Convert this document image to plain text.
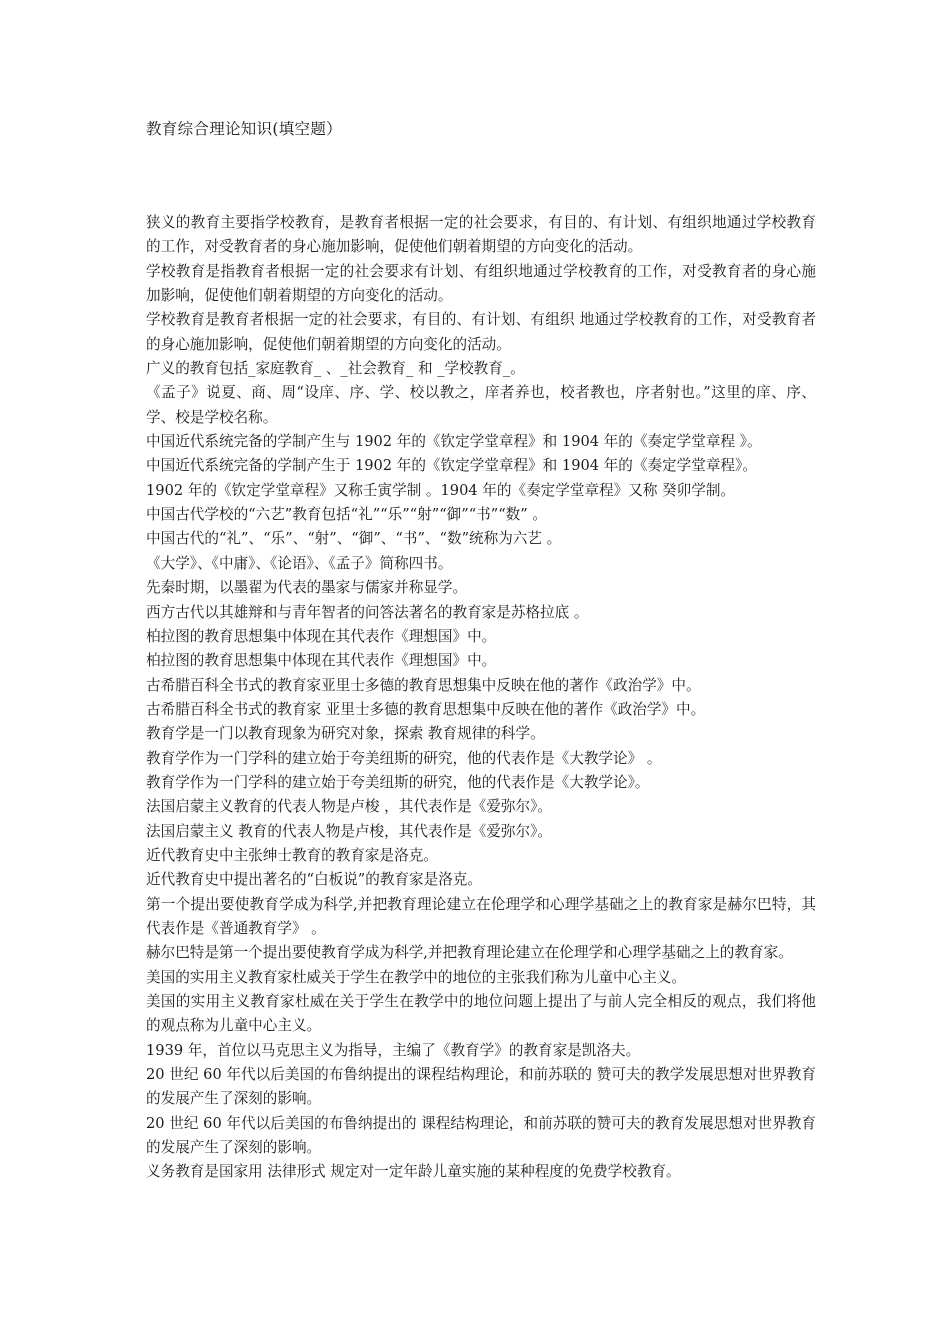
教育综合理论知识(填空题）

狭义的教育主要指学校教育，是教育者根据一定的社会要求，有目的、有计划、有组织地通过学校教育的工作，对受教育者的身心施加影响，促使他们朝着期望的方向变化的活动。

学校教育是指教育者根据一定的社会要求有计划、有组织地通过学校教育的工作，对受教育者的身心施加影响，促使他们朝着期望的方向变化的活动。

学校教育是教育者根据一定的社会要求，有目的、有计划、有组织 地通过学校教育的工作，对受教育者的身心施加影响，促使他们朝着期望的方向变化的活动。

广义的教育包括_家庭教育_ 、_社会教育_ 和 _学校教育_。

《孟子》说夏、商、周“设庠、序、学、校以教之，庠者养也，校者教也，序者射也。”这里的庠、序、学、校是学校名称。

中国近代系统完备的学制产生与 1902 年的《钦定学堂章程》和 1904 年的《奏定学堂章程 》。

中国近代系统完备的学制产生于 1902 年的《钦定学堂章程》和 1904 年的《奏定学堂章程》。

1902 年的《钦定学堂章程》又称壬寅学制 。1904 年的《奏定学堂章程》又称 癸卯学制。

中国古代学校的“六艺”教育包括“礼”“乐”“射”“御”“书”“数” 。

中国古代的“礼”、“乐”、“射”、“御”、“书”、“数”统称为六艺 。

《大学》、《中庸》、《论语》、《孟子》简称四书。

先秦时期，以墨翟为代表的墨家与儒家并称显学。

西方古代以其雄辩和与青年智者的问答法著名的教育家是苏格拉底 。

柏拉图的教育思想集中体现在其代表作《理想国》中。

柏拉图的教育思想集中体现在其代表作《理想国》中。

古希腊百科全书式的教育家亚里士多德的教育思想集中反映在他的著作《政治学》中。

古希腊百科全书式的教育家 亚里士多德的教育思想集中反映在他的著作《政治学》中。

教育学是一门以教育现象为研究对象，探索 教育规律的科学。

教育学作为一门学科的建立始于夸美纽斯的研究，他的代表作是《大教学论》 。

教育学作为一门学科的建立始于夸美纽斯的研究，他的代表作是《大教学论》。

法国启蒙主义教育的代表人物是卢梭 ，其代表作是《爱弥尔》。

法国启蒙主义 教育的代表人物是卢梭，其代表作是《爱弥尔》。

近代教育史中主张绅士教育的教育家是洛克。

近代教育史中提出著名的“白板说”的教育家是洛克。

第一个提出要使教育学成为科学,并把教育理论建立在伦理学和心理学基础之上的教育家是赫尔巴特，其代表作是《普通教育学》 。

赫尔巴特是第一个提出要使教育学成为科学,并把教育理论建立在伦理学和心理学基础之上的教育家。

美国的实用主义教育家杜威关于学生在教学中的地位的主张我们称为儿童中心主义。

美国的实用主义教育家杜威在关于学生在教学中的地位问题上提出了与前人完全相反的观点，我们将他的观点称为儿童中心主义。

1939 年，首位以马克思主义为指导，主编了《教育学》的教育家是凯洛夫。

20 世纪 60 年代以后美国的布鲁纳提出的课程结构理论，和前苏联的 赞可夫的教学发展思想对世界教育的发展产生了深刻的影响。

20 世纪 60 年代以后美国的布鲁纳提出的 课程结构理论，和前苏联的赞可夫的教育发展思想对世界教育的发展产生了深刻的影响。

义务教育是国家用 法律形式 规定对一定年龄儿童实施的某种程度的免费学校教育。
